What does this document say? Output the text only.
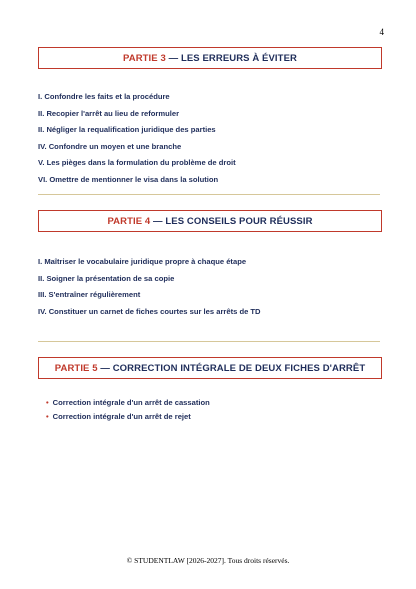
4
PARTIE 3 — LES ERREURS À ÉVITER
I. Confondre les faits et la procédure
II. Recopier l'arrêt au lieu de reformuler
II. Négliger la requalification juridique des parties
IV. Confondre un moyen et une branche
V. Les pièges dans la formulation du problème de droit
VI. Omettre de mentionner le visa dans la solution
PARTIE 4 — LES CONSEILS POUR RÉUSSIR
I. Maîtriser le vocabulaire juridique propre à chaque étape
II. Soigner la présentation de sa copie
III. S'entraîner régulièrement
IV. Constituer un carnet de fiches courtes sur les arrêts de TD
PARTIE 5 — CORRECTION INTÉGRALE DE DEUX FICHES D'ARRÊT
• Correction intégrale d'un arrêt de cassation
• Correction intégrale d'un arrêt de rejet
© STUDENTLAW [2026-2027]. Tous droits réservés.
